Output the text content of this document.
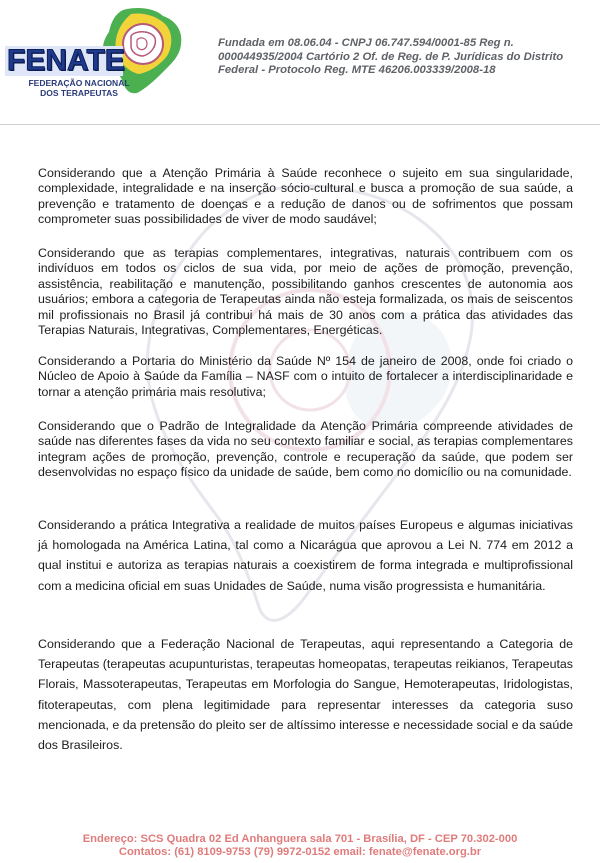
FENATE
FEDERAÇÃO NACIONAL
DOS TERAPEUTAS
Fundada em 08.06.04 - CNPJ 06.747.594/0001-85 Reg n.
000044935/2004 Cartório 2 Of. de Reg. de P. Jurídicas do Distrito
Federal - Protocolo Reg. MTE 46206.003339/2008-18

Considerando que a Atenção Primária à Saúde reconhece o sujeito em sua singularidade, complexidade, integralidade e na inserção sócio-cultural e busca a promoção de sua saúde, a prevenção e tratamento de doenças e a redução de danos ou de sofrimentos que possam comprometer suas possibilidades de viver de modo saudável;

Considerando que as terapias complementares, integrativas, naturais contribuem com os indivíduos em todos os ciclos de sua vida, por meio de ações de promoção, prevenção, assistência, reabilitação e manutenção, possibilitando ganhos crescentes de autonomia aos usuários; embora a categoria de Terapeutas ainda não esteja formalizada, os mais de seiscentos mil profissionais no Brasil já contribui há mais de 30 anos com a prática das atividades das Terapias Naturais, Integrativas, Complementares, Energéticas.

Considerando a Portaria do Ministério da Saúde Nº 154 de janeiro de 2008, onde foi criado o Núcleo de Apoio à Saúde da Família – NASF com o intuito de fortalecer a interdisciplinaridade e tornar a atenção primária mais resolutiva;

Considerando que o Padrão de Integralidade da Atenção Primária compreende atividades de saúde nas diferentes fases da vida no seu contexto familiar e social, as terapias complementares integram ações de promoção, prevenção, controle e recuperação da saúde, que podem ser desenvolvidas no espaço físico da unidade de saúde, bem como no domicílio ou na comunidade.

Considerando a prática Integrativa a realidade de muitos países Europeus e algumas iniciativas já homologada na América Latina, tal como a Nicarágua que aprovou a Lei N. 774 em 2012 a qual institui e autoriza as terapias naturais a coexistirem de forma integrada e multiprofissional com a medicina oficial em suas Unidades de Saúde, numa visão progressista e humanitária.

Considerando que a Federação Nacional de Terapeutas, aqui representando a Categoria de Terapeutas (terapeutas acupunturistas, terapeutas homeopatas, terapeutas reikianos, Terapeutas Florais, Massoterapeutas, Terapeutas em Morfologia do Sangue, Hemoterapeutas, Iridologistas, fitoterapeutas, com plena legitimidade para representar interesses da categoria suso mencionada, e da pretensão do pleito ser de altíssimo interesse e necessidade social e da saúde dos Brasileiros.

Endereço: SCS Quadra 02 Ed Anhanguera sala 701 - Brasília, DF - CEP 70.302-000
Contatos: (61) 8109-9753 (79) 9972-0152 email: fenate@fenate.org.br
